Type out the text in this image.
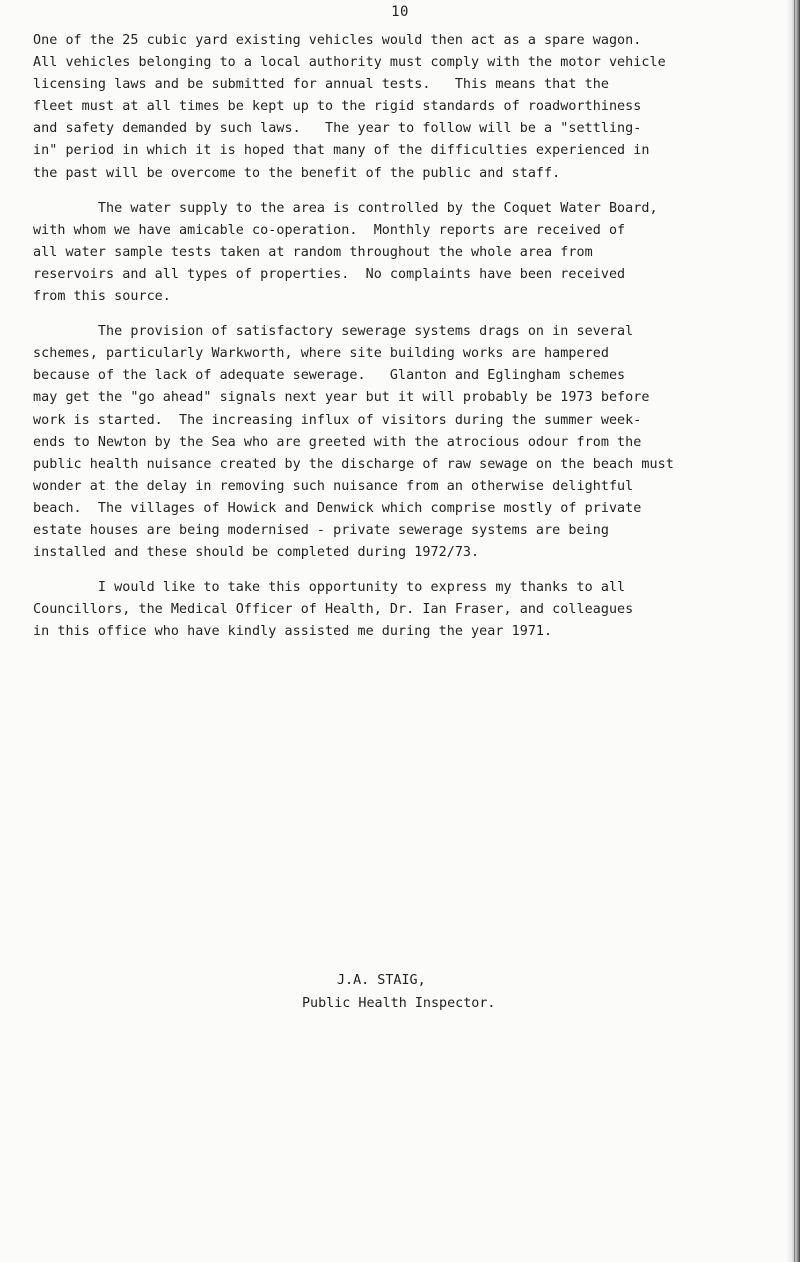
10
One of the 25 cubic yard existing vehicles would then act as a spare wagon.
All vehicles belonging to a local authority must comply with the motor vehicle
licensing laws and be submitted for annual tests.   This means that the
fleet must at all times be kept up to the rigid standards of roadworthiness
and safety demanded by such laws.   The year to follow will be a "settling-
in" period in which it is hoped that many of the difficulties experienced in
the past will be overcome to the benefit of the public and staff.
The water supply to the area is controlled by the Coquet Water Board,
with whom we have amicable co-operation.  Monthly reports are received of
all water sample tests taken at random throughout the whole area from
reservoirs and all types of properties.  No complaints have been received
from this source.
The provision of satisfactory sewerage systems drags on in several
schemes, particularly Warkworth, where site building works are hampered
because of the lack of adequate sewerage.   Glanton and Eglingham schemes
may get the "go ahead" signals next year but it will probably be 1973 before
work is started.  The increasing influx of visitors during the summer week-
ends to Newton by the Sea who are greeted with the atrocious odour from the
public health nuisance created by the discharge of raw sewage on the beach must
wonder at the delay in removing such nuisance from an otherwise delightful
beach.  The villages of Howick and Denwick which comprise mostly of private
estate houses are being modernised - private sewerage systems are being
installed and these should be completed during 1972/73.
I would like to take this opportunity to express my thanks to all
Councillors, the Medical Officer of Health, Dr. Ian Fraser, and colleagues
in this office who have kindly assisted me during the year 1971.
J.A. STAIG,
Public Health Inspector.
